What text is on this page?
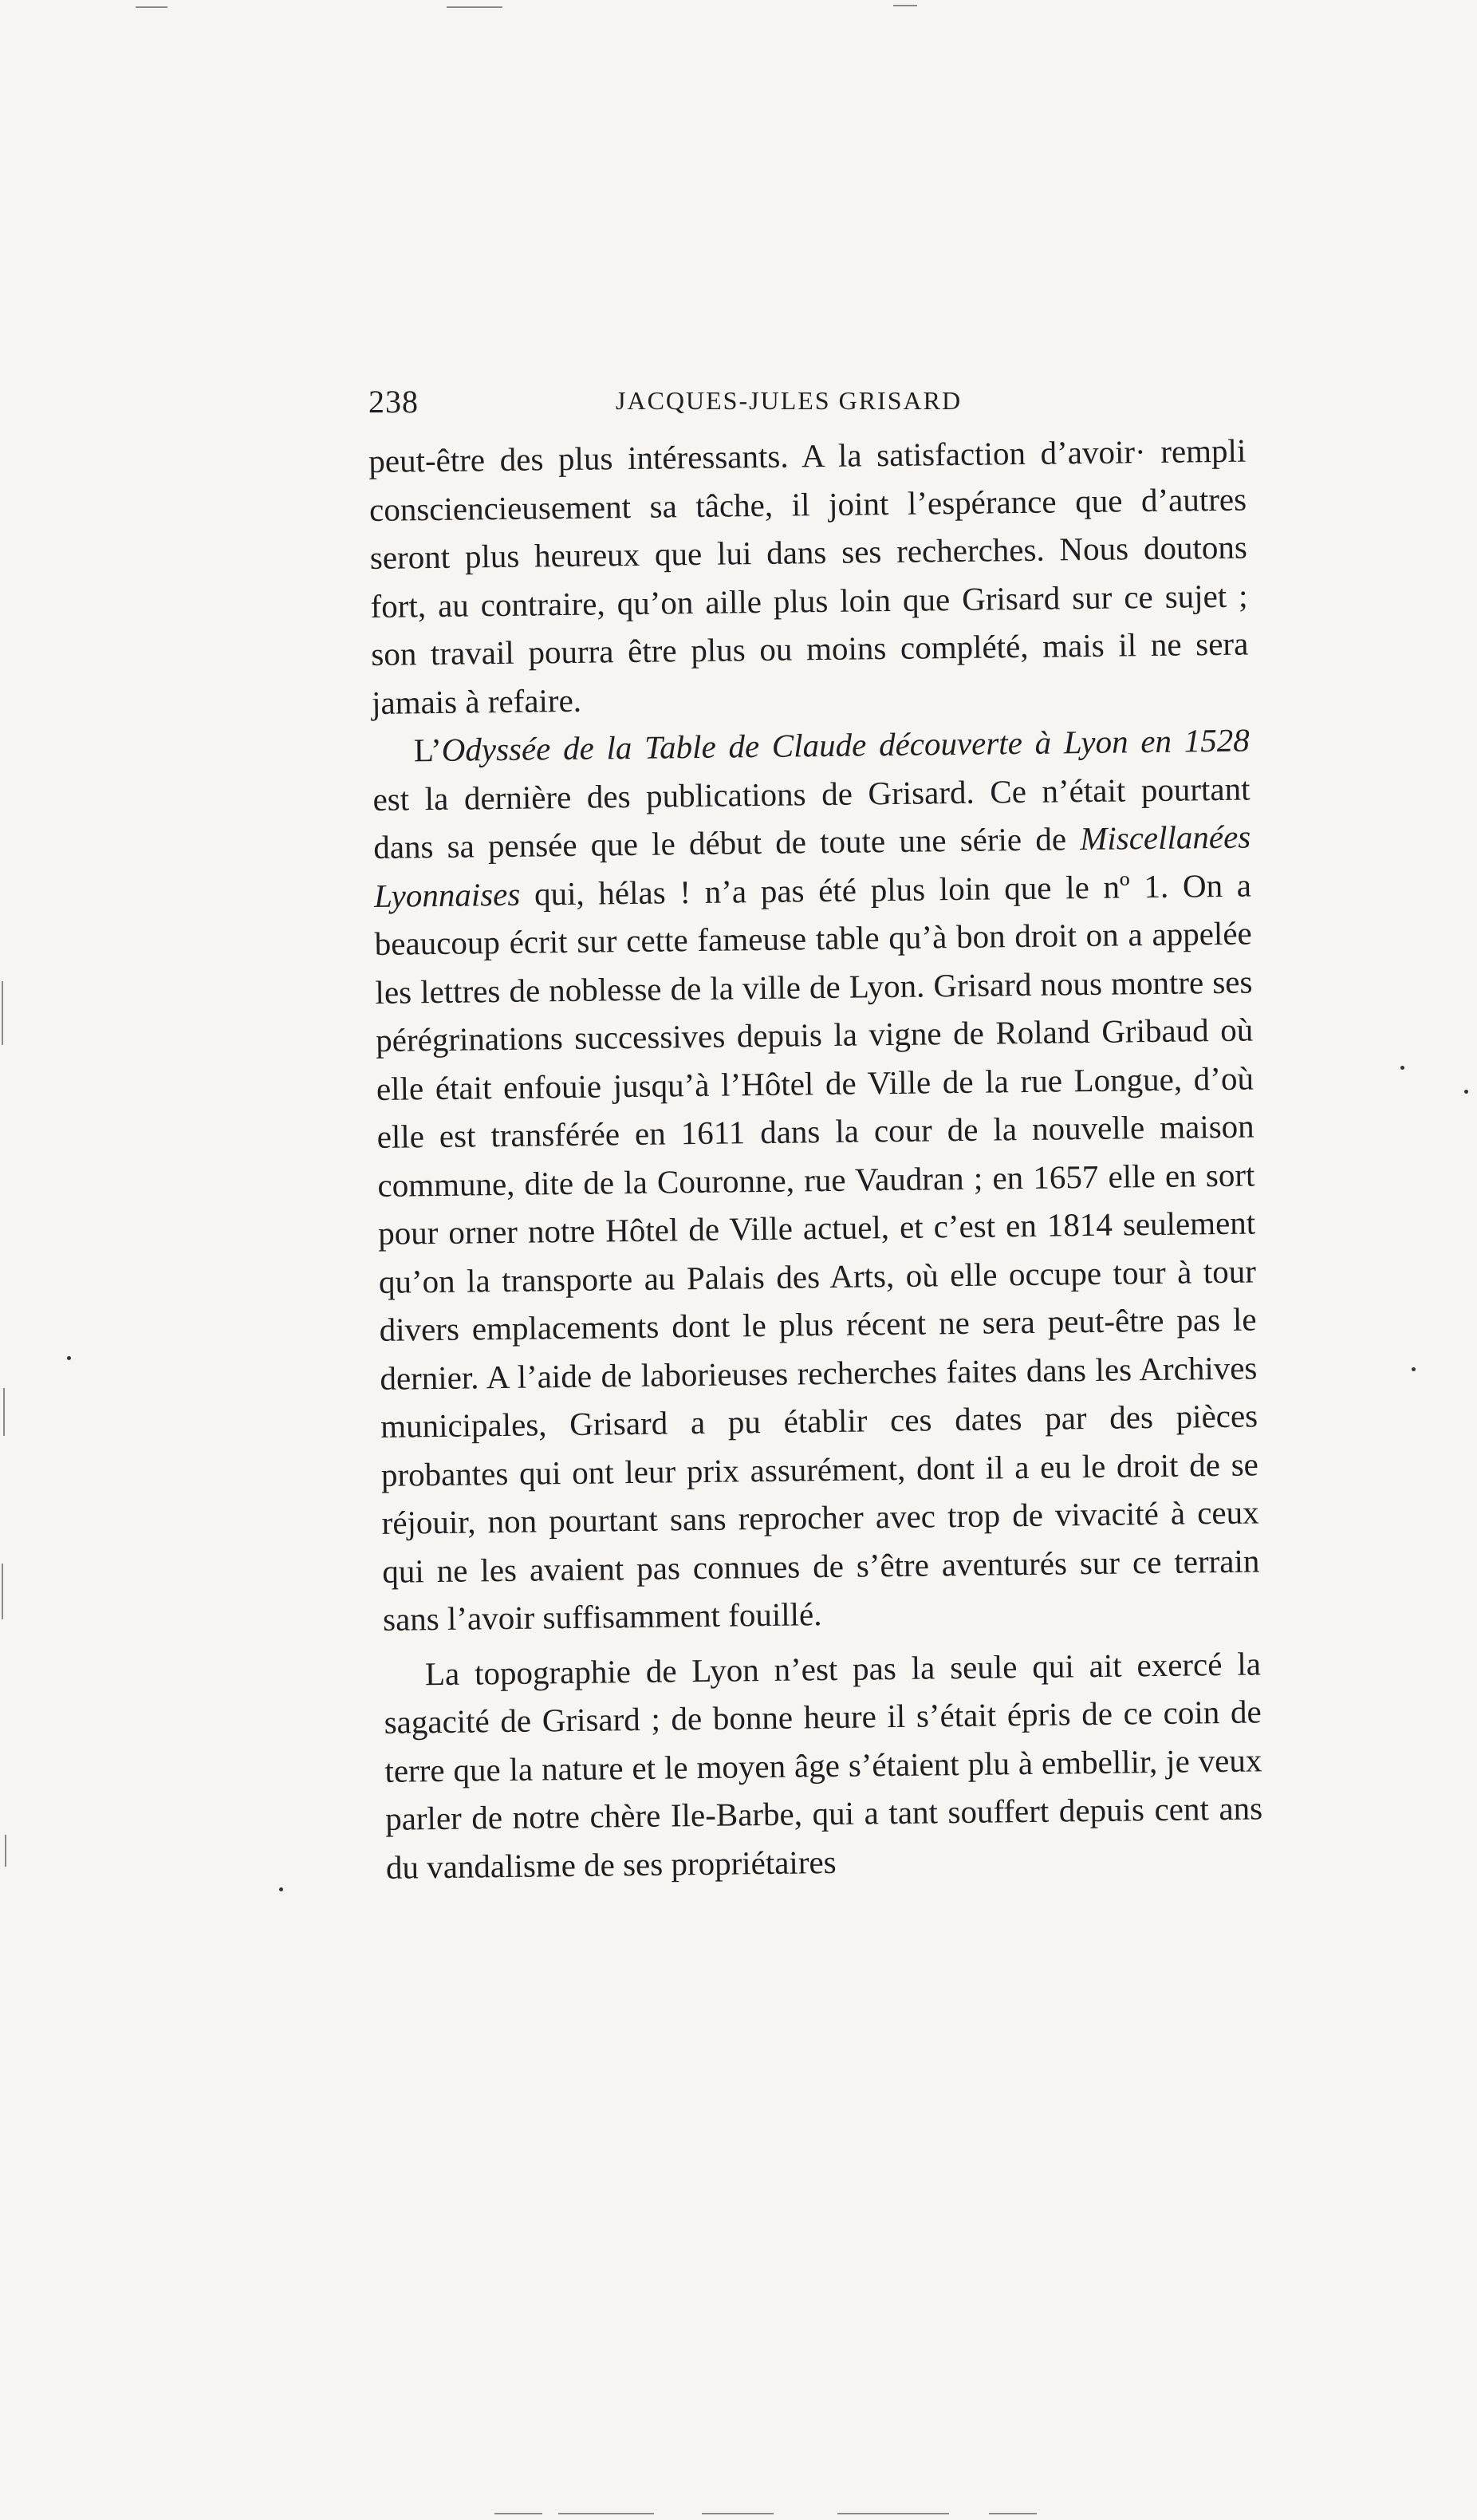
238	JACQUES-JULES GRISARD

peut-être des plus intéressants. A la satisfaction d’avoir· rempli consciencieusement sa tâche, il joint l’espérance que d’autres seront plus heureux que lui dans ses recherches. Nous doutons fort, au contraire, qu’on aille plus loin que Grisard sur ce sujet ; son travail pourra être plus ou moins complété, mais il ne sera jamais à refaire.

L’Odyssée de la Table de Claude découverte à Lyon en 1528 est la dernière des publications de Grisard. Ce n’était pourtant dans sa pensée que le début de toute une série de Miscellanées Lyonnaises qui, hélas ! n’a pas été plus loin que le nº 1. On a beaucoup écrit sur cette fameuse table qu’à bon droit on a appelée les lettres de noblesse de la ville de Lyon. Grisard nous montre ses pérégrinations successives depuis la vigne de Roland Gribaud où elle était enfouie jusqu’à l’Hôtel de Ville de la rue Longue, d’où elle est transférée en 1611 dans la cour de la nouvelle maison commune, dite de la Couronne, rue Vaudran ; en 1657 elle en sort pour orner notre Hôtel de Ville actuel, et c’est en 1814 seulement qu’on la transporte au Palais des Arts, où elle occupe tour à tour divers emplacements dont le plus récent ne sera peut-être pas le dernier. A l’aide de laborieuses recherches faites dans les Archives municipales, Grisard a pu établir ces dates par des pièces probantes qui ont leur prix assurément, dont il a eu le droit de se réjouir, non pourtant sans reprocher avec trop de vivacité à ceux qui ne les avaient pas connues de s’être aventurés sur ce terrain sans l’avoir suffisamment fouillé.

La topographie de Lyon n’est pas la seule qui ait exercé la sagacité de Grisard ; de bonne heure il s’était épris de ce coin de terre que la nature et le moyen âge s’étaient plu à embellir, je veux parler de notre chère Ile-Barbe, qui a tant souffert depuis cent ans du vandalisme de ses propriétaires
